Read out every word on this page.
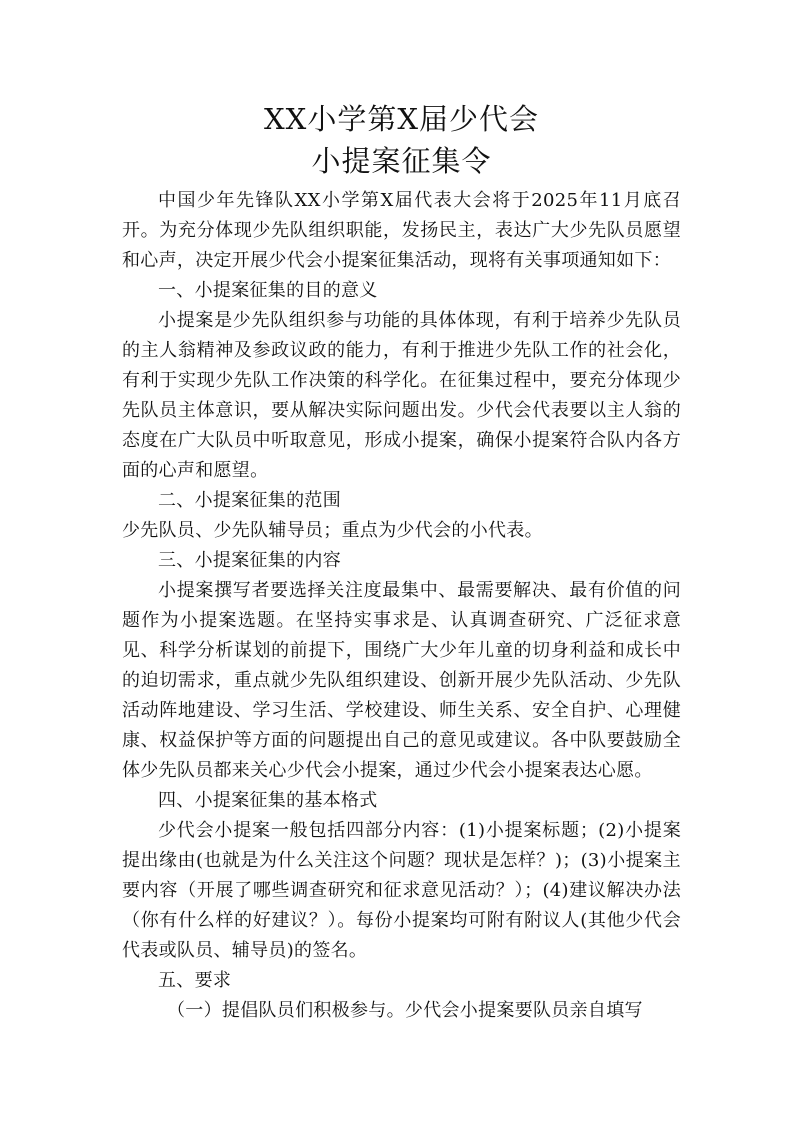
XX小学第X届少代会
小提案征集令

中国少年先锋队XX小学第X届代表大会将于2025年11月底召开。为充分体现少先队组织职能，发扬民主，表达广大少先队员愿望和心声，决定开展少代会小提案征集活动，现将有关事项通知如下：

一、小提案征集的目的意义

小提案是少先队组织参与功能的具体体现，有利于培养少先队员的主人翁精神及参政议政的能力，有利于推进少先队工作的社会化，有利于实现少先队工作决策的科学化。在征集过程中，要充分体现少先队员主体意识，要从解决实际问题出发。少代会代表要以主人翁的态度在广大队员中听取意见，形成小提案，确保小提案符合队内各方面的心声和愿望。

二、小提案征集的范围

少先队员、少先队辅导员；重点为少代会的小代表。

三、小提案征集的内容

小提案撰写者要选择关注度最集中、最需要解决、最有价值的问题作为小提案选题。在坚持实事求是、认真调查研究、广泛征求意见、科学分析谋划的前提下，围绕广大少年儿童的切身利益和成长中的迫切需求，重点就少先队组织建设、创新开展少先队活动、少先队活动阵地建设、学习生活、学校建设、师生关系、安全自护、心理健康、权益保护等方面的问题提出自己的意见或建议。各中队要鼓励全体少先队员都来关心少代会小提案，通过少代会小提案表达心愿。

四、小提案征集的基本格式

少代会小提案一般包括四部分内容：(1)小提案标题；(2)小提案提出缘由(也就是为什么关注这个问题？现状是怎样？)；(3)小提案主要内容（开展了哪些调查研究和征求意见活动？）；(4)建议解决办法（你有什么样的好建议？）。每份小提案均可附有附议人(其他少代会代表或队员、辅导员)的签名。

五、要求

（一）提倡队员们积极参与。少代会小提案要队员亲自填写
